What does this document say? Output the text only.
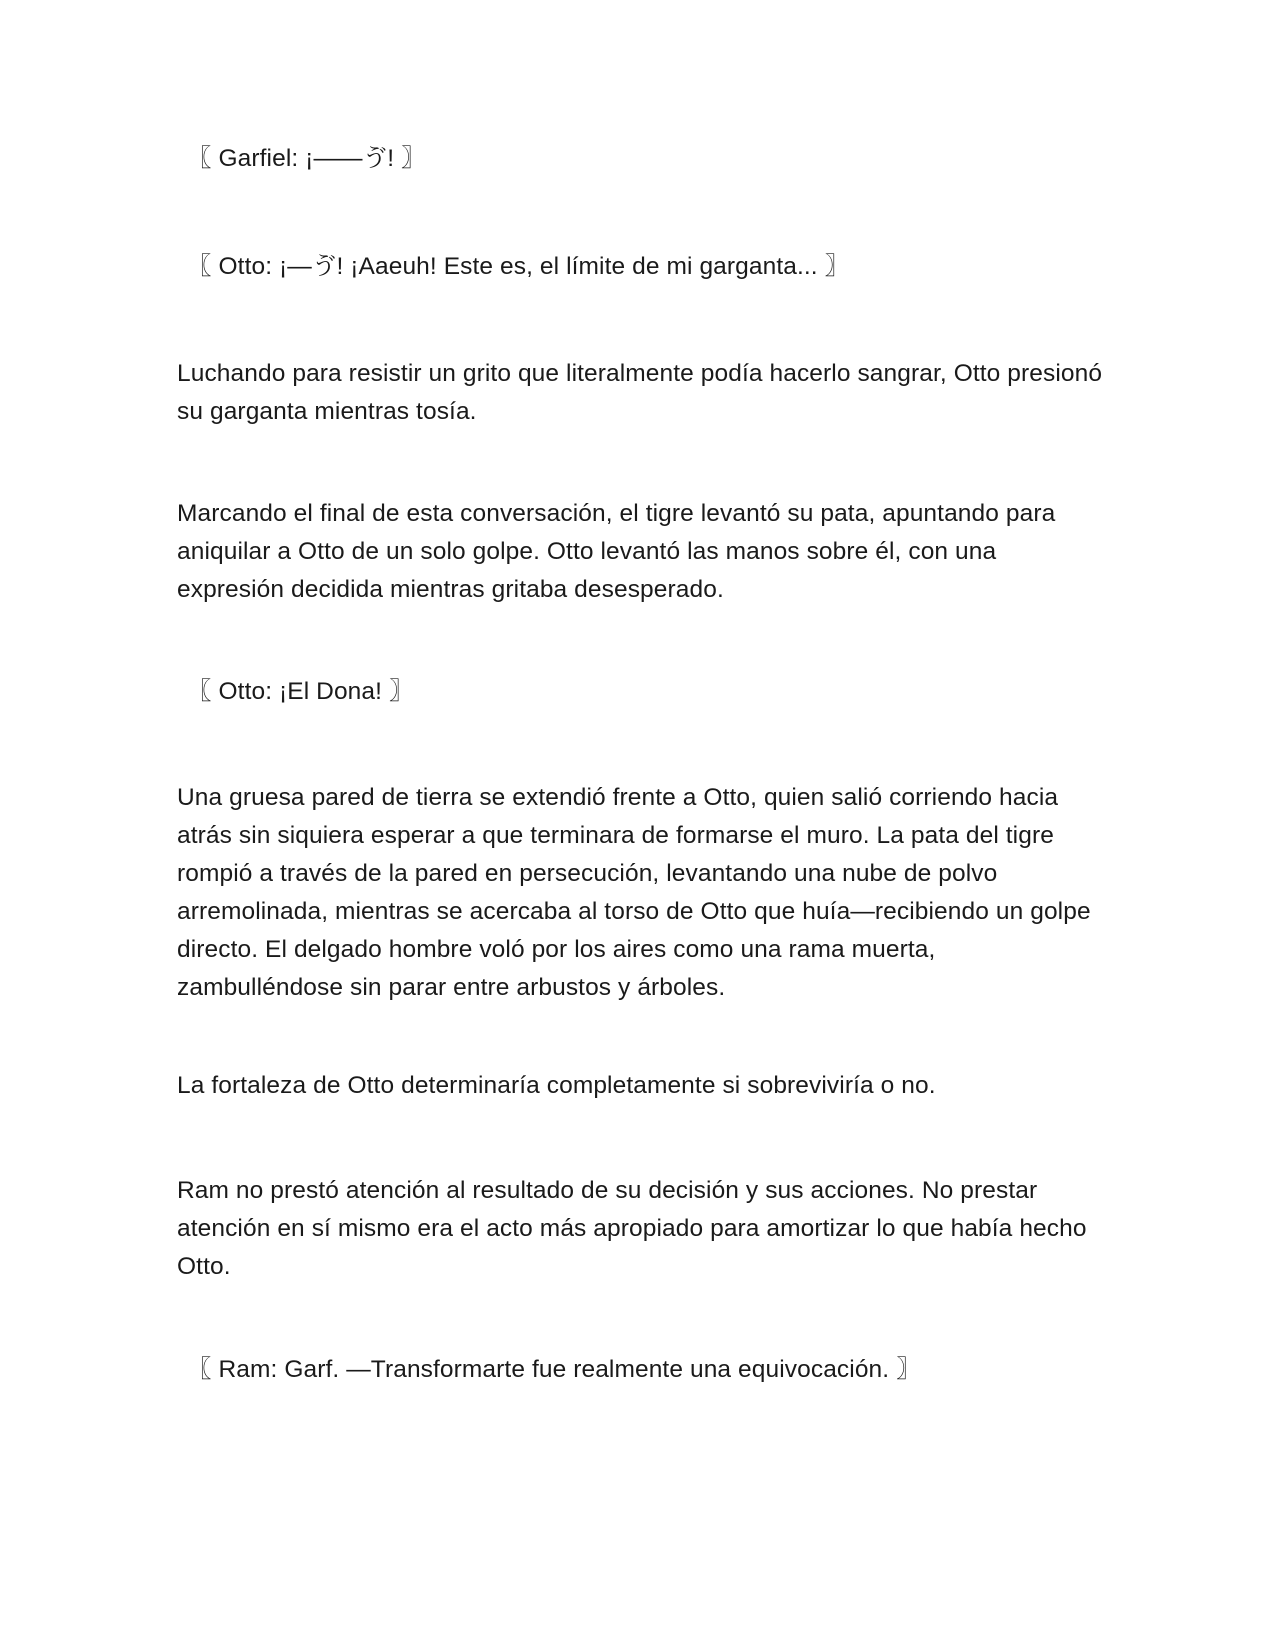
〖 Garfiel: ¡——ゔ! 〗

〖 Otto: ¡—ゔ! ¡Aaeuh! Este es, el límite de mi garganta... 〗

Luchando para resistir un grito que literalmente podía hacerlo sangrar, Otto presionó su garganta mientras tosía.

Marcando el final de esta conversación, el tigre levantó su pata, apuntando para aniquilar a Otto de un solo golpe. Otto levantó las manos sobre él, con una expresión decidida mientras gritaba desesperado.

〖 Otto: ¡El Dona! 〗

Una gruesa pared de tierra se extendió frente a Otto, quien salió corriendo hacia atrás sin siquiera esperar a que terminara de formarse el muro. La pata del tigre rompió a través de la pared en persecución, levantando una nube de polvo arremolinada, mientras se acercaba al torso de Otto que huía—recibiendo un golpe directo. El delgado hombre voló por los aires como una rama muerta, zambulléndose sin parar entre arbustos y árboles.

La fortaleza de Otto determinaría completamente si sobreviviría o no.

Ram no prestó atención al resultado de su decisión y sus acciones. No prestar atención en sí mismo era el acto más apropiado para amortizar lo que había hecho Otto.

〖 Ram: Garf. —Transformarte fue realmente una equivocación. 〗
